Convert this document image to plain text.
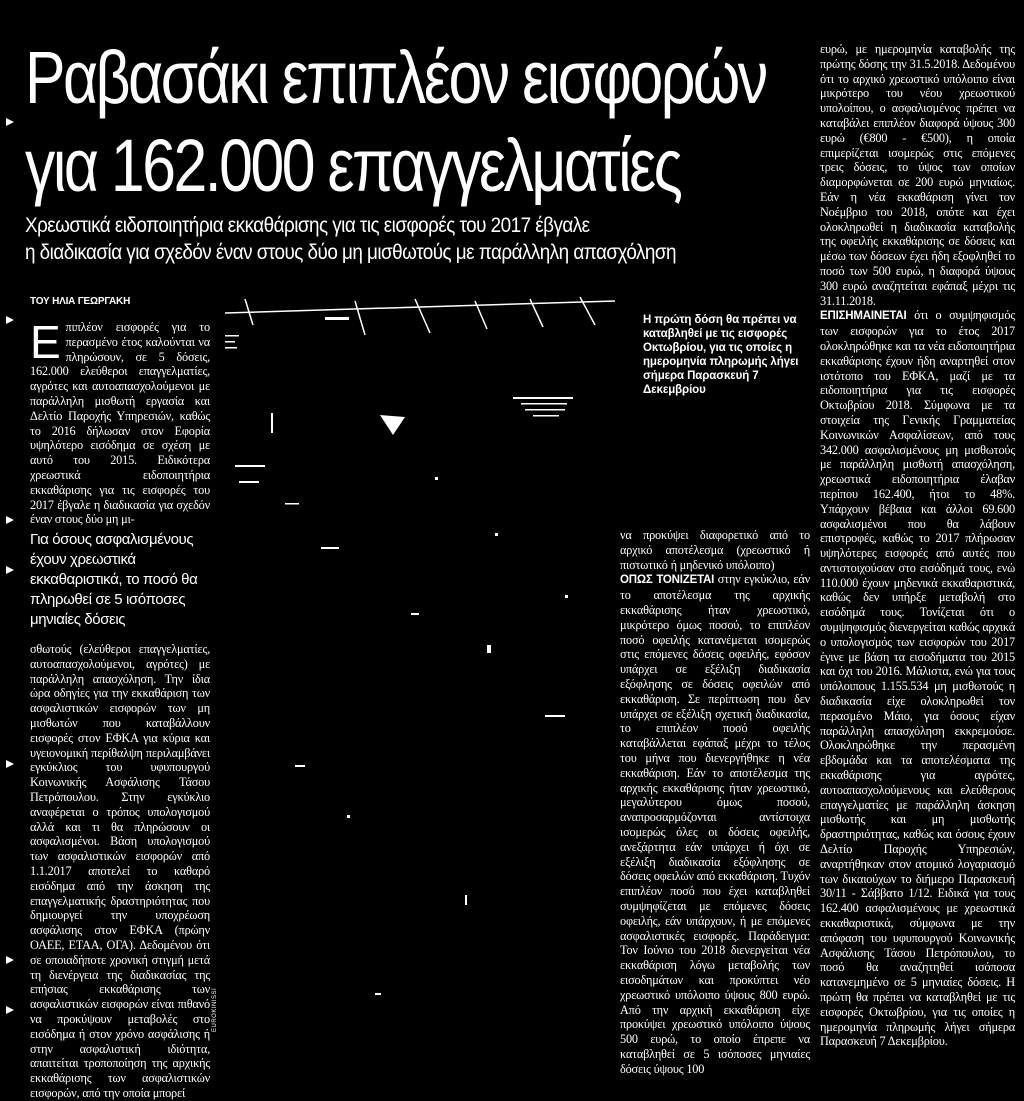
Ραβασάκι επιπλέον εισφορών
για 162.000 επαγγελματίες
Χρεωστικά ειδοποιητήρια εκκαθάρισης για τις εισφορές του 2017 έβγαλε
η διαδικασία για σχεδόν έναν στους δύο μη μισθωτούς με παράλληλη απασχόληση
ΤΟΥ ΗΛΙΑ ΓΕΩΡΓΑΚΗ
Ε πιπλέον εισφορές για το περασμένο έτος καλούνται να πληρώσουν, σε 5 δόσεις, 162.000 ελεύθεροι επαγγελματίες, αγρότες και αυτοαπασχολούμενοι με παράλληλη μισθωτή εργασία και Δελτίο Παροχής Υπηρεσιών, καθώς το 2016 δήλωσαν στον Εφορία υψηλότερο εισόδημα σε σχέση με αυτό του 2015. Ειδικότερα χρεωστικά ειδοποιητήρια εκκαθάρισης για τις εισφορές του 2017 έβγαλε η διαδικασία για σχεδόν έναν στους δύο μη μι-
Για όσους ασφαλισμένους έχουν χρεωστικά εκκαθαριστικά, το ποσό θα πληρωθεί σε 5 ισόποσες μηνιαίες δόσεις

σθωτούς (ελεύθεροι επαγγελματίες, αυτοαπασχολούμενοι, αγρότες) με παράλληλη απασχόληση. Την ίδια ώρα οδηγίες για την εκκαθάριση των ασφαλιστικών εισφορών των μη μισθωτών που καταβάλλουν εισφορές στον ΕΦΚΑ για κύρια και υγειονομική περίθαλψη περιλαμβάνει εγκύκλιος του υφυπουργού Κοινωνικής Ασφάλισης Τάσου Πετρόπουλου. Στην εγκύκλιο αναφέρεται ο τρόπος υπολογισμού αλλά και τι θα πληρώσουν οι ασφαλισμένοι. Βάση υπολογισμού των ασφαλιστικών εισφορών από 1.1.2017 αποτελεί το καθαρό εισόδημα από την άσκηση της επαγγελματικής δραστηριότητας που δημιουργεί την υποχρέωση ασφάλισης στον ΕΦΚΑ (πρώην ΟΑΕΕ, ΕΤΑΑ, ΟΓΑ). Δεδομένου ότι σε οποιαδήποτε χρονική στιγμή μετά τη διενέργεια της διαδικασίας της επήσιας εκκαθάρισης των ασφαλιστικών εισφορών είναι πιθανό να προκύψουν μεταβολές στο εισόδημα ή στον χρόνο ασφάλισης ή στην ασφαλιστική ιδιότητα, απαιτείται τροποποίηση της αρχικής εκκαθάρισης των ασφαλιστικών εισφορών, από την οποία μπορεί

EUROKINISSI
Η πρώτη δόση θα πρέπει να καταβληθεί με τις εισφορές Οκτωβρίου, για τις οποίες η ημερομηνία πληρωμής λήγει σήμερα Παρασκευή 7 Δεκεμβρίου

να προκύψει διαφορετικό από το αρχικό αποτέλεσμα (χρεωστικό ή πιστωτικό ή μηδενικό υπόλοιπο)

ΟΠΩΣ ΤΟΝΙΖΕΤΑΙ στην εγκύκλιο, εάν το αποτέλεσμα της αρχικής εκκαθάρισης ήταν χρεωστικό, μικρότερο όμως ποσού, το επιπλέον ποσό οφειλής κατανέμεται ισομερώς στις επόμενες δόσεις οφειλής, εφόσον υπάρχει σε εξέλιξη διαδικασία εξόφλησης σε δόσεις οφειλών από εκκαθάριση. Σε περίπτωση που δεν υπάρχει σε εξέλιξη σχετική διαδικασία, το επιπλέον ποσό οφειλής καταβάλλεται εφάπαξ μέχρι το τέλος του μήνα που διενεργήθηκε η νέα εκκαθάριση. Εάν το αποτέλεσμα της αρχικής εκκαθάρισης ήταν χρεωστικό, μεγαλύτερου όμως ποσού, αναπροσαρμόζονται αντίστοιχα ισομερώς όλες οι δόσεις οφειλής, ανεξάρτητα εάν υπάρχει ή όχι σε εξέλιξη διαδικασία εξόφλησης σε δόσεις οφειλών από εκκαθάριση. Τυχόν επιπλέον ποσό που έχει καταβληθεί συμψηφίζεται με επόμενες δόσεις οφειλής, εάν υπάρχουν, ή με επόμενες ασφαλιστικές εισφορές. Παράδειγμα: Τον Ιούνιο του 2018 διενεργείται νέα εκκαθάριση λόγω μεταβολής των εισοδημάτων και προκύπτει νέο χρεωστικό υπόλοιπο ύψους 800 ευρώ. Από την αρχική εκκαθάριση είχε προκύψει χρεωστικό υπόλοιπο ύψους 500 ευρώ, το οποίο έπρεπε να καταβληθεί σε 5 ισόποσες μηνιαίες δόσεις ύψους 100

ευρώ, με ημερομηνία καταβολής της πρώτης δόσης την 31.5.2018. Δεδομένου ότι το αρχικό χρεωστικό υπόλοιπο είναι μικρότερο του νέου χρεωστικού υπολοίπου, ο ασφαλισμένος πρέπει να καταβάλει επιπλέον διαφορά ύψους 300 ευρώ (€800 - €500), η οποία επιμερίζεται ισομερώς στις επόμενες τρεις δόσεις, το ύψος των οποίων διαμορφώνεται σε 200 ευρώ μηνιαίως. Εάν η νέα εκκαθάριση γίνει τον Νοέμβριο του 2018, οπότε και έχει ολοκληρωθεί η διαδικασία καταβολής της οφειλής εκκαθάρισης σε δόσεις και μέσω των δόσεων έχει ήδη εξοφληθεί το ποσό των 500 ευρώ, η διαφορά ύψους 300 ευρώ αναζητείται εφάπαξ μέχρι τις 31.11.2018.

ΕΠΙΣΗΜΑΙΝΕΤΑΙ ότι ο συμψηφισμός των εισφορών για το έτος 2017 ολοκληρώθηκε και τα νέα ειδοποιητήρια εκκαθάρισης έχουν ήδη αναρτηθεί στον ιστότοπο του ΕΦΚΑ, μαζί με τα ειδοποιητήρια για τις εισφορές Οκτωβρίου 2018. Σύμφωνα με τα στοιχεία της Γενικής Γραμματείας Κοινωνικών Ασφαλίσεων, από τους 342.000 ασφαλισμένους μη μισθωτούς με παράλληλη μισθωτή απασχόληση, χρεωστικά ειδοποιητήρια έλαβαν περίπου 162.400, ήτοι το 48%. Υπάρχουν βέβαια και άλλοι 69.600 ασφαλισμένοι που θα λάβουν επιστροφές, καθώς το 2017 πλήρωσαν υψηλότερες εισφορές από αυτές που αντιστοιχούσαν στο εισόδημά τους, ενώ 110.000 έχουν μηδενικά εκκαθαριστικά, καθώς δεν υπήρξε μεταβολή στο εισόδημά τους. Τονίζεται ότι ο συμψηφισμός διενεργείται καθώς αρχικά ο υπολογισμός των εισφορών του 2017 έγινε με βάση τα εισοδήματα του 2015 και όχι του 2016. Μάλιστα, ενώ για τους υπόλοιπους 1.155.534 μη μισθωτούς η διαδικασία είχε ολοκληρωθεί τον περασμένο Μάιο, για όσους είχαν παράλληλη απασχόληση εκκρεμούσε. Ολοκληρώθηκε την περασμένη εβδομάδα και τα αποτελέσματα της εκκαθάρισης για αγρότες, αυτοαπασχολούμενους και ελεύθερους επαγγελματίες με παράλληλη άσκηση μισθωτής και μη μισθωτής δραστηριότητας, καθώς και όσους έχουν Δελτίο Παροχής Υπηρεσιών, αναρτήθηκαν στον ατομικό λογαριασμό των δικαιούχων το διήμερο Παρασκευή 30/11 - Σάββατο 1/12. Ειδικά για τους 162.400 ασφαλισμένους με χρεωστικά εκκαθαριστικά, σύμφωνα με την απόφαση του υφυπουργού Κοινωνικής Ασφάλισης Τάσου Πετρόπουλου, το ποσό θα αναζητηθεί ισόποσα κατανεμημένο σε 5 μηνιαίες δόσεις. Η πρώτη θα πρέπει να καταβληθεί με τις εισφορές Οκτωβρίου, για τις οποίες η ημερομηνία πληρωμής λήγει σήμερα Παρασκευή 7 Δεκεμβρίου.
